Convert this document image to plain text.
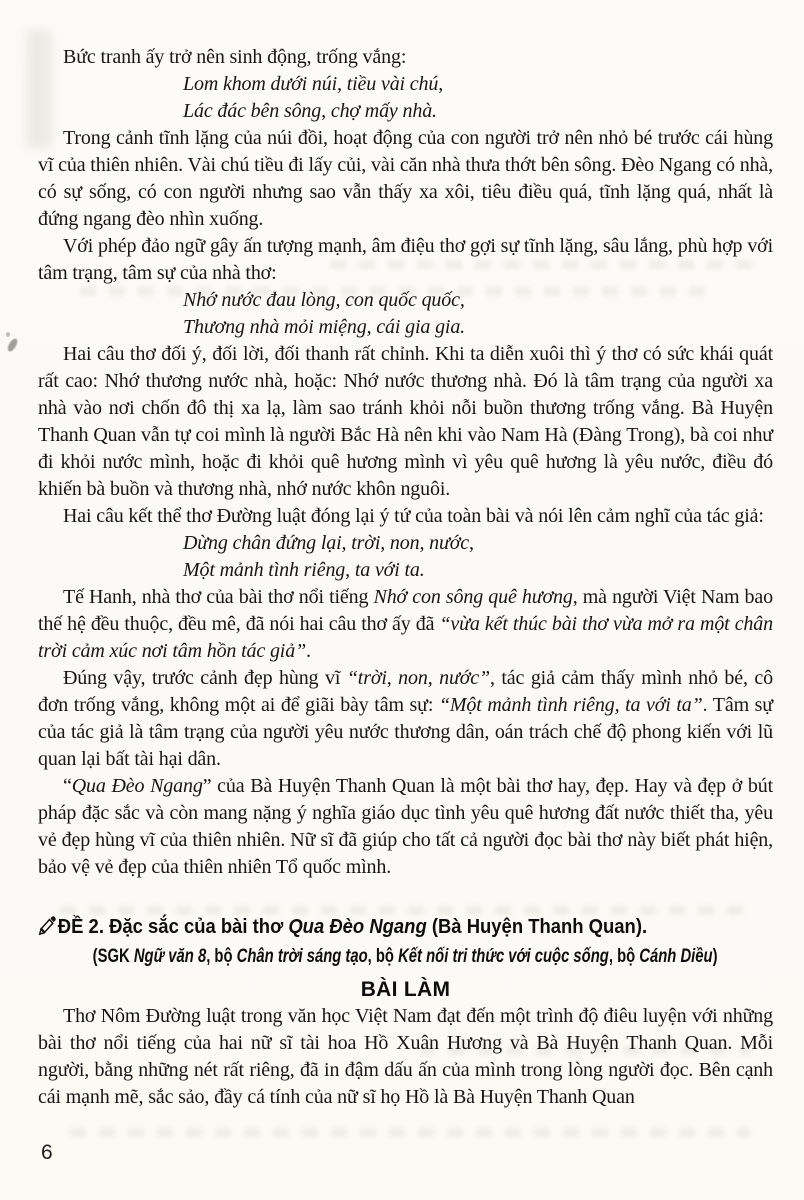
Bức tranh ấy trở nên sinh động, trống vắng:

Lom khom dưới núi, tiều vài chú,
Lác đác bên sông, chợ mấy nhà.

Trong cảnh tĩnh lặng của núi đồi, hoạt động của con người trở nên nhỏ bé trước cái hùng vĩ của thiên nhiên. Vài chú tiều đi lấy củi, vài căn nhà thưa thớt bên sông. Đèo Ngang có nhà, có sự sống, có con người nhưng sao vẫn thấy xa xôi, tiêu điều quá, tĩnh lặng quá, nhất là đứng ngang đèo nhìn xuống.

Với phép đảo ngữ gây ấn tượng mạnh, âm điệu thơ gợi sự tĩnh lặng, sâu lắng, phù hợp với tâm trạng, tâm sự của nhà thơ:

Nhớ nước đau lòng, con quốc quốc,
Thương nhà mỏi miệng, cái gia gia.

Hai câu thơ đối ý, đối lời, đối thanh rất chỉnh. Khi ta diễn xuôi thì ý thơ có sức khái quát rất cao: Nhớ thương nước nhà, hoặc: Nhớ nước thương nhà. Đó là tâm trạng của người xa nhà vào nơi chốn đô thị xa lạ, làm sao tránh khỏi nỗi buồn thương trống vắng. Bà Huyện Thanh Quan vẫn tự coi mình là người Bắc Hà nên khi vào Nam Hà (Đàng Trong), bà coi như đi khỏi nước mình, hoặc đi khỏi quê hương mình vì yêu quê hương là yêu nước, điều đó khiến bà buồn và thương nhà, nhớ nước khôn nguôi.

Hai câu kết thể thơ Đường luật đóng lại ý tứ của toàn bài và nói lên cảm nghĩ của tác giả:

Dừng chân đứng lại, trời, non, nước,
Một mảnh tình riêng, ta với ta.

Tế Hanh, nhà thơ của bài thơ nổi tiếng Nhớ con sông quê hương, mà người Việt Nam bao thế hệ đều thuộc, đều mê, đã nói hai câu thơ ấy đã “vừa kết thúc bài thơ vừa mở ra một chân trời cảm xúc nơi tâm hồn tác giả”.

Đúng vậy, trước cảnh đẹp hùng vĩ “trời, non, nước”, tác giả cảm thấy mình nhỏ bé, cô đơn trống vắng, không một ai để giãi bày tâm sự: “Một mảnh tình riêng, ta với ta”. Tâm sự của tác giả là tâm trạng của người yêu nước thương dân, oán trách chế độ phong kiến với lũ quan lại bất tài hại dân.

“Qua Đèo Ngang” của Bà Huyện Thanh Quan là một bài thơ hay, đẹp. Hay và đẹp ở bút pháp đặc sắc và còn mang nặng ý nghĩa giáo dục tình yêu quê hương đất nước thiết tha, yêu vẻ đẹp hùng vĩ của thiên nhiên. Nữ sĩ đã giúp cho tất cả người đọc bài thơ này biết phát hiện, bảo vệ vẻ đẹp của thiên nhiên Tổ quốc mình.

ĐỀ 2. Đặc sắc của bài thơ Qua Đèo Ngang (Bà Huyện Thanh Quan).
(SGK Ngữ văn 8, bộ Chân trời sáng tạo, bộ Kết nối tri thức với cuộc sống, bộ Cánh Diều)
BÀI LÀM

Thơ Nôm Đường luật trong văn học Việt Nam đạt đến một trình độ điêu luyện với những bài thơ nổi tiếng của hai nữ sĩ tài hoa Hồ Xuân Hương và Bà Huyện Thanh Quan. Mỗi người, bằng những nét rất riêng, đã in đậm dấu ấn của mình trong lòng người đọc. Bên cạnh cái mạnh mẽ, sắc sảo, đầy cá tính của nữ sĩ họ Hồ là Bà Huyện Thanh Quan

6
